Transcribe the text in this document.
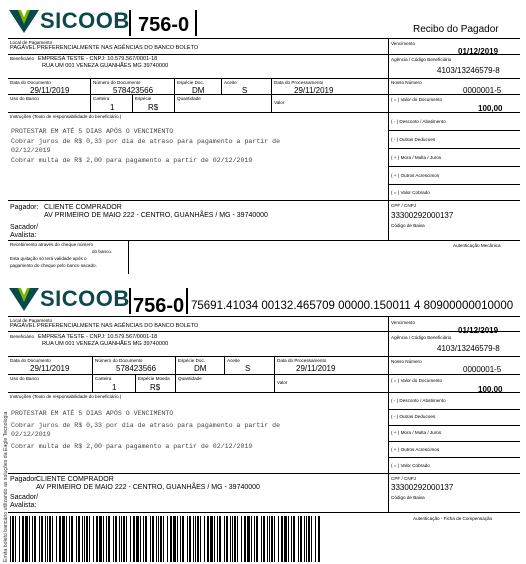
SICOOB 756-0	Recibo do Pagador
Local de Pagamento
PAGÁVEL PREFERENCIALMENTE NAS AGÊNCIAS DO BANCO BOLETO
Vencimento
01/12/2019
Beneficiário EMPRESA TESTE - CNPJ: 10.579.567/0001-18
RUA UM 001 VENEZA GUANHÃES MG 39740000
Agência / Código Beneficiário
4103/13246579-8
Data do Documento
29/11/2019
Número do Documento
578423566
Espécie Doc.
DM
Aceite
S
Data do Processamento
29/11/2019
Nosso Número
0000001-5
Uso do Banco	Carteira
1
Espécie
R$
Quantidade
Valor
( = ) Valor do Documento
100,00
Instruções (Texto de responsabilidade do beneficiário.)
PROTESTAR EM ATÉ 5 DIAS APÓS O VENCIMENTO
Cobrar juros de R$ 0,33 por dia de atraso para pagamento a partir de
02/12/2019
Cobrar multa de R$ 2,00 para pagamento a partir de 02/12/2019
( - ) Desconto / Abatimento
( - ) Outras Deducoes
( + ) Mora / Multa / Juros
( + ) Outros Acrescimos
( = ) Valor Cobrado
Pagador: CLIENTE COMPRADOR
AV PRIMEIRO DE MAIO 222 - CENTRO, GUANHÃES / MG - 39740000
Sacador/
Avalista:
CPF / CNPJ
33300292000137
Código de Baixa
Recebimento através do cheque número
do banco.
Esta quitação só terá validade após o
pagamento do cheque pelo banco sacado.
Autenticação Mecânica
Emita boleto bancário utilizando as soluções da Eagle Tecnologia
SICOOB 756-0 75691.41034 00132.465709 00000.150011 4 80900000010000
Local de Pagamento
PAGÁVEL PREFERENCIALMENTE NAS AGÊNCIAS DO BANCO BOLETO
Vencimento
01/12/2019
Beneficiário EMPRESA TESTE - CNPJ: 10.579.567/0001-18
RUA UM 001 VENEZA GUANHÃES MG 39740000
Agência / Código Beneficiário
4103/13246579-8
Data do Documento
29/11/2019
Número do Documento
578423566
Espécie Doc.
DM
Aceite
S
Data do Processamento
29/11/2019
Nosso Número
0000001-5
Uso do Banco	Carteira
1
Espécie Moeda
R$
Quantidade
Valor	( = ) Valor do Documento
100,00
Instruções (Texto de responsabilidade do beneficiário.)
PROTESTAR EM ATÉ 5 DIAS APÓS O VENCIMENTO
Cobrar juros de R$ 0,33 por dia de atraso para pagamento a partir de
02/12/2019
Cobrar multa de R$ 2,00 para pagamento a partir de 02/12/2019
( - ) Desconto / Abatimento
( - ) Outras Deducoes
( + ) Mora / Multa / Juros
( + ) Outros Acrescimos
( = ) Valor Cobrado
Pagador CLIENTE COMPRADOR
AV PRIMEIRO DE MAIO 222 - CENTRO, GUANHÃES / MG - 39740000
Sacador/
Avalista:
CPF / CNPJ
33300292000137
Código de Baixa
Autenticação - Ficha de Compensação
